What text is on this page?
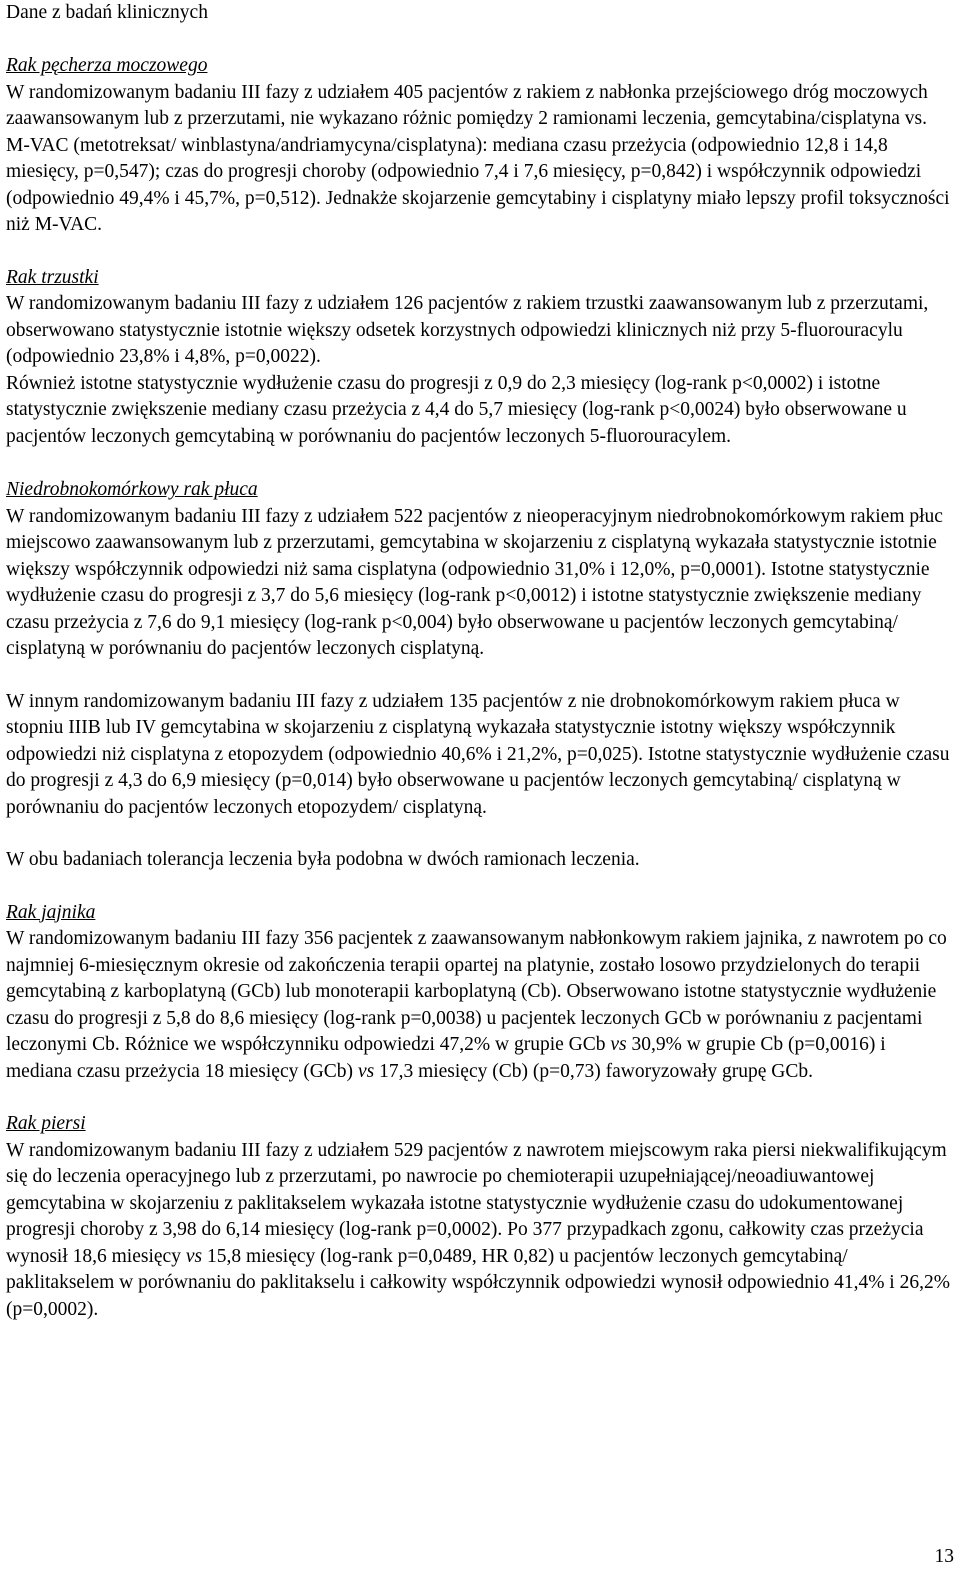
Dane z badań klinicznych
Rak pęcherza moczowego

W randomizowanym badaniu III fazy z udziałem 405 pacjentów z rakiem z nabłonka przejściowego dróg moczowych zaawansowanym lub z przerzutami, nie wykazano różnic pomiędzy 2 ramionami leczenia, gemcytabina/cisplatyna vs. M-VAC (metotreksat/ winblastyna/andriamycyna/cisplatyna): mediana czasu przeżycia (odpowiednio 12,8 i 14,8 miesięcy, p=0,547); czas do progresji choroby (odpowiednio 7,4 i 7,6 miesięcy, p=0,842) i współczynnik odpowiedzi (odpowiednio 49,4% i 45,7%, p=0,512). Jednakże skojarzenie gemcytabiny i cisplatyny miało lepszy profil toksyczności niż M-VAC.

Rak trzustki

W randomizowanym badaniu III fazy z udziałem 126 pacjentów z rakiem trzustki zaawansowanym lub z przerzutami, obserwowano statystycznie istotnie większy odsetek korzystnych odpowiedzi klinicznych niż przy 5-fluorouracylu (odpowiednio 23,8% i 4,8%, p=0,0022).

Również istotne statystycznie wydłużenie czasu do progresji z 0,9 do 2,3 miesięcy (log-rank p<0,0002) i istotne statystycznie zwiększenie mediany czasu przeżycia z 4,4 do 5,7 miesięcy (log-rank p<0,0024) było obserwowane u pacjentów leczonych gemcytabiną w porównaniu do pacjentów leczonych 5-fluorouracylem.

Niedrobnokomórkowy rak płuca

W randomizowanym badaniu III fazy z udziałem 522 pacjentów z nieoperacyjnym niedrobnokomórkowym rakiem płuc miejscowo zaawansowanym lub z przerzutami, gemcytabina w skojarzeniu z cisplatyną wykazała statystycznie istotnie większy współczynnik odpowiedzi niż sama cisplatyna (odpowiednio 31,0% i 12,0%, p=0,0001). Istotne statystycznie wydłużenie czasu do progresji z 3,7 do 5,6 miesięcy (log-rank p<0,0012) i istotne statystycznie zwiększenie mediany czasu przeżycia z 7,6 do 9,1 miesięcy (log-rank p<0,004) było obserwowane u pacjentów leczonych gemcytabiną/ cisplatyną w porównaniu do pacjentów leczonych cisplatyną.

W innym randomizowanym badaniu III fazy z udziałem 135 pacjentów z nie drobnokomórkowym rakiem płuca w stopniu IIIB lub IV gemcytabina w skojarzeniu z cisplatyną wykazała statystycznie istotny większy współczynnik odpowiedzi niż cisplatyna z etopozydem (odpowiednio 40,6% i 21,2%, p=0,025). Istotne statystycznie wydłużenie czasu do progresji z 4,3 do 6,9 miesięcy (p=0,014) było obserwowane u pacjentów leczonych gemcytabiną/ cisplatyną w porównaniu do pacjentów leczonych etopozydem/ cisplatyną.

W obu badaniach tolerancja leczenia była podobna w dwóch ramionach leczenia.

Rak jajnika

W randomizowanym badaniu III fazy 356 pacjentek z zaawansowanym nabłonkowym rakiem jajnika, z nawrotem po co najmniej 6-miesięcznym okresie od zakończenia terapii opartej na platynie, zostało losowo przydzielonych do terapii gemcytabiną z karboplatyną (GCb) lub monoterapii karboplatyną (Cb). Obserwowano istotne statystycznie wydłużenie czasu do progresji z 5,8 do 8,6 miesięcy (log-rank p=0,0038) u pacjentek leczonych GCb w porównaniu z pacjentami leczonymi Cb. Różnice we współczynniku odpowiedzi 47,2% w grupie GCb vs 30,9% w grupie Cb (p=0,0016) i mediana czasu przeżycia 18 miesięcy (GCb) vs 17,3 miesięcy (Cb) (p=0,73) faworyzowały grupę GCb.

Rak piersi

W randomizowanym badaniu III fazy z udziałem 529 pacjentów z nawrotem miejscowym raka piersi niekwalifikującym się do leczenia operacyjnego lub z przerzutami, po nawrocie po chemioterapii uzupełniającej/neoadiuwantowej gemcytabina w skojarzeniu z paklitakselem wykazała istotne statystycznie wydłużenie czasu do udokumentowanej progresji choroby z 3,98 do 6,14 miesięcy (log-rank p=0,0002). Po 377 przypadkach zgonu, całkowity czas przeżycia wynosił 18,6 miesięcy vs 15,8 miesięcy (log-rank p=0,0489, HR 0,82) u pacjentów leczonych gemcytabiną/ paklitakselem w porównaniu do paklitakselu i całkowity współczynnik odpowiedzi wynosił odpowiednio 41,4% i 26,2% (p=0,0002).

13
